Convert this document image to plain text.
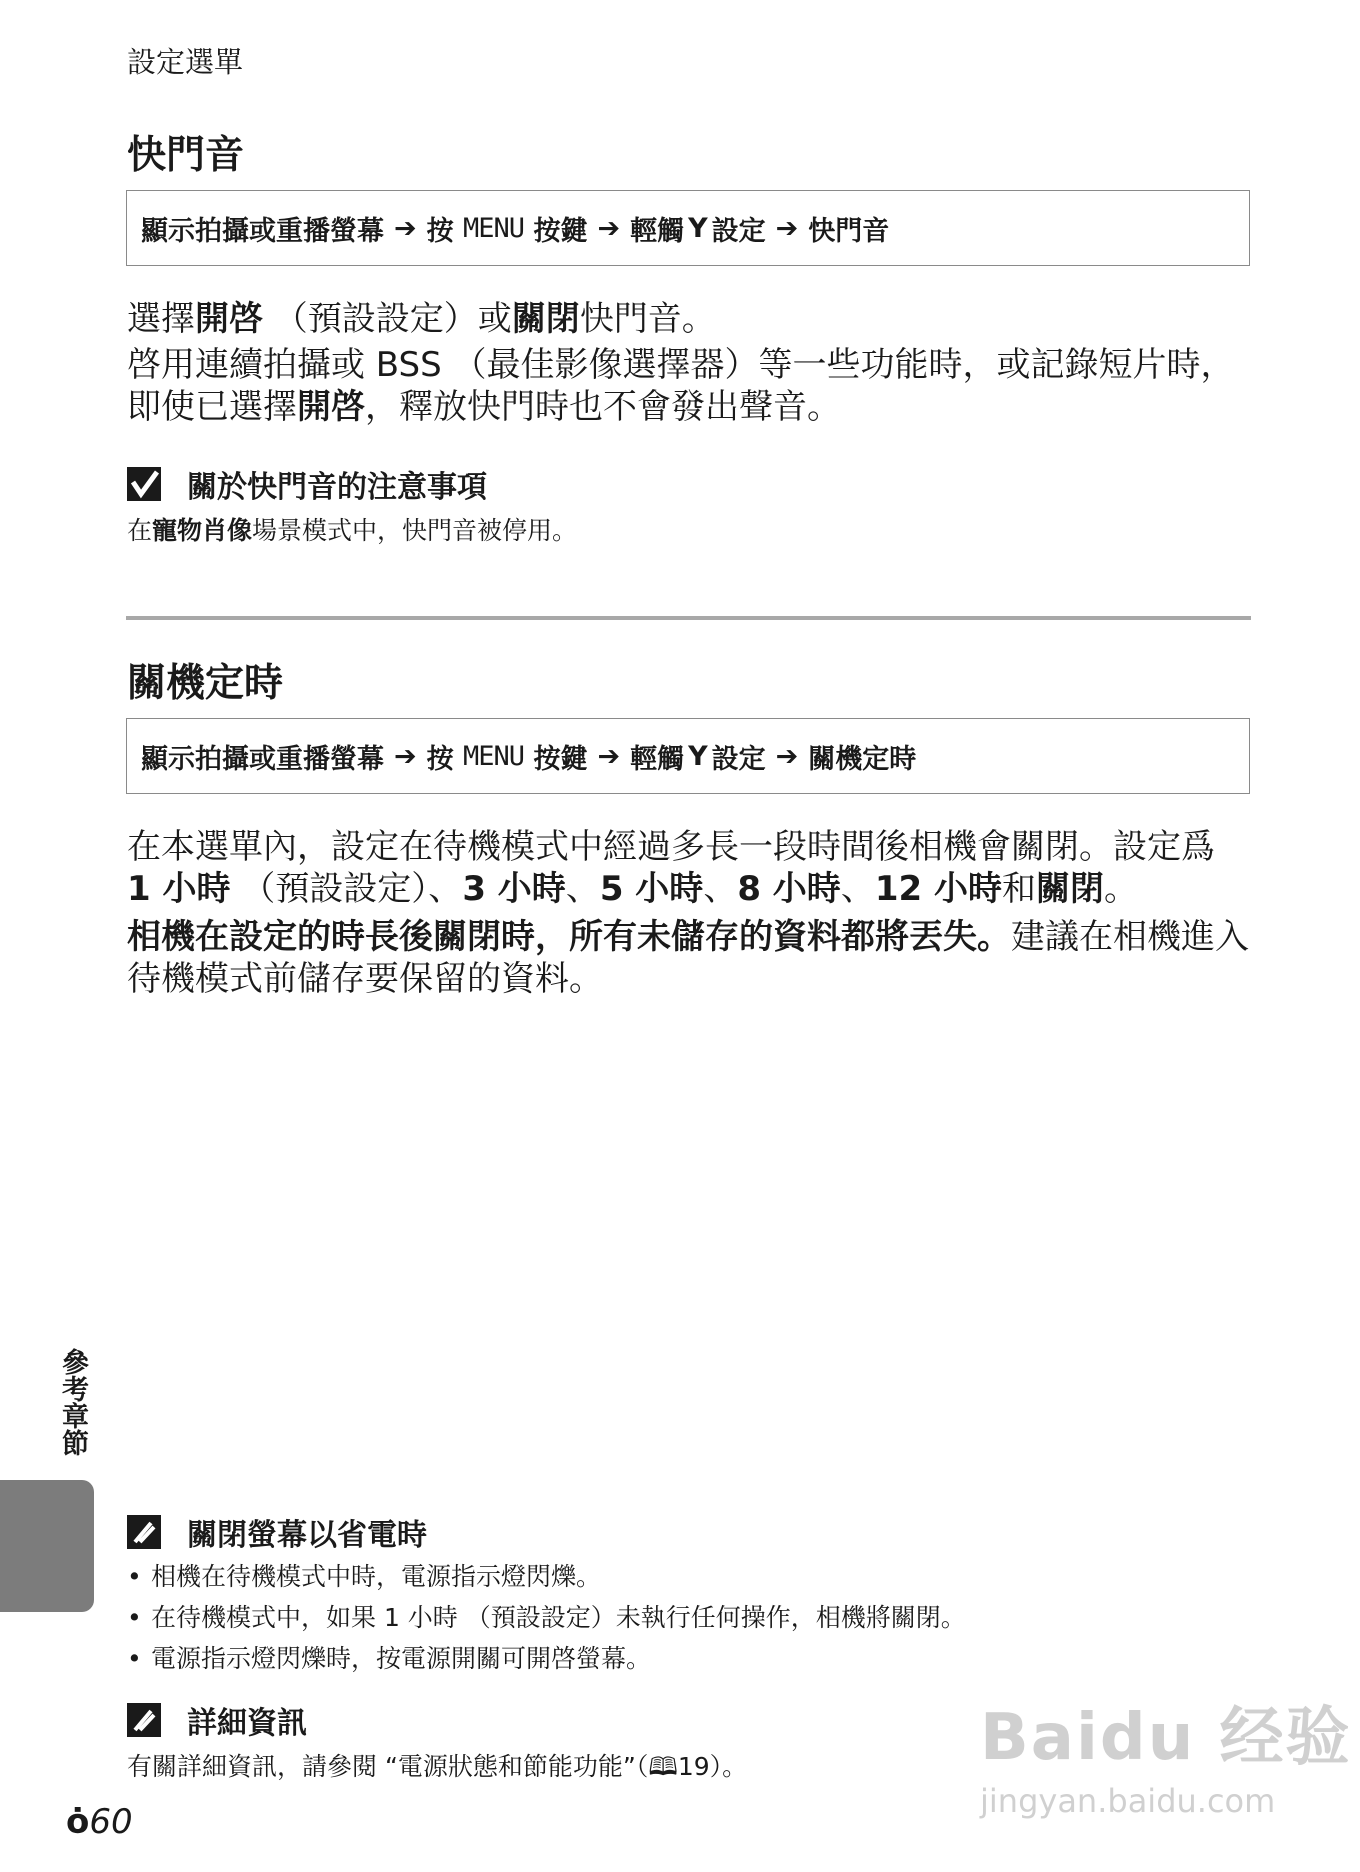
設定選單
快門音
顯示拍攝或重播螢幕 ➔ 按
MENU
按鍵 ➔ 輕觸 Y 設定 ➔ 快門音
選擇開啓 （預設設定）或關閉快門音。
啓用連續拍攝或 BSS （最佳影像選擇器）等一些功能時，或記錄短片時，即使已選擇開啓，釋放快門時也不會發出聲音。
關於快門音的注意事項
在寵物肖像場景模式中，快門音被停用。
關機定時
顯示拍攝或重播螢幕 ➔ 按
MENU
按鍵 ➔ 輕觸 Y 設定 ➔ 關機定時
在本選單內，設定在待機模式中經過多長一段時間後相機會關閉。設定爲
1 小時 （預設設定）、3 小時、5 小時、8 小時、12 小時和關閉。
相機在設定的時長後關閉時，所有未儲存的資料都將丟失。建議在相機進入待機模式前儲存要保留的資料。
參考章節
關閉螢幕以省電時
• 相機在待機模式中時，電源指示燈閃爍。
• 在待機模式中，如果 1 小時 （預設設定）未執行任何操作，相機將關閉。
• 電源指示燈閃爍時，按電源開關可開啓螢幕。
詳細資訊
有關詳細資訊，請參閱 “電源狀態和節能功能”（🕮19）。
ȯ60
Baidu 经验
jingyan.baidu.com
